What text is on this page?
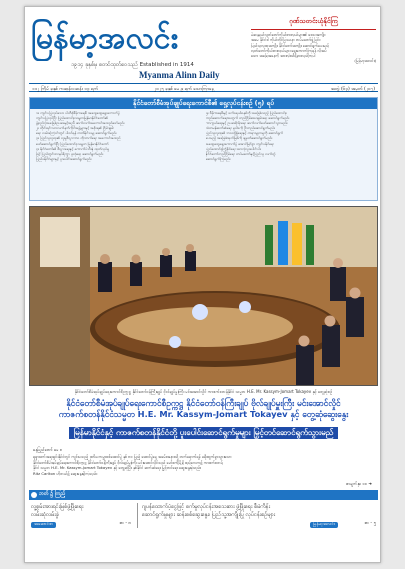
မြန်မာ့အလင်း
၁၉၁၄ ခုနှစ်မှ စတင်ထုတ်ဝေသည် Established in 1914
Myanma Alinn Daily
ဂုဏ်သတင်းယုံနိုင်ကြ
မဲဆန္ဒနယ်လွတ်တော်ကိုယ်စားလှယ်များ၏ ဒေသအကျိုး
အမေ နိုင်ငံဒါ ကိုယ်တိုင်ပြဿနာ တပ်မတော်ဖွဲ့ပြင်း
ပြည်သူလူထုအကျိုး နိုင်ငံတော်အကျိုး ဆောင်ရွက်ပေးမည့်
လွှတ်တော်ကိုယ်စားလှယ်များ ရွေးကောက်ကြရန် လိုအပ်
သော အခြေအနေကို အားလုံးသိရှိနားလည်ကြပါ
(မြန်မာ့အလင်း)
၁၁၂ ကြိမ် ခုနှစ် ကဆုန်လဆန်း ၁၃ ရက်	၂၀၂၅ ခုနှစ် မေ ၉ ရက် သောကြာနေ့	အတွဲ (၆၃) အမှတ် (၂၀၇)
နိုင်ငံတော်စီမံအုပ်ချုပ်ရေးကောင်စီ၏ ရှေ့လုပ်ငန်းစဉ် (၅) ရပ်
၁။ ကျင်းပပြုလုပ်သော ပါတီစုံဒီမိုကရေစီ အထွေထွေရွေးကောက်ပွဲ
ကျင်းပပြုလုပ်ပြီး ပြည်ထောင်စုသမ္မတမြန်မာနိုင်ငံတော်၏
ဖွဲ့စည်းပုံအခြေခံဥပဒေနှင့်အညီ ဆက်လက်အကောင်အထည်ဖော်မည်။
၂။ တိုင်းရင်းသားလက်နက်ကိုင်အဖွဲ့များနှင့် အစိုးရ၏ ငြိမ်းချမ်း
ရေး လမ်းကြောင်းတွင် ပါဝင်ရန် တတ်နိုင်သမျှ ဆောင်ရွက်မည်။
၃။ ပြည်သူလူထု၏ လူမှုစီးပွားဘဝ တိုးတက်ရေး အကောင်အထည်
ဖော်ဆောင်ရွက်ပြီး ပြည်ထောင်စုသမ္မတ မြန်မာနိုင်ငံတော်
၄။ နိုင်ငံတော်၏ စီးပွားရေးနှင့် ကောက်ပဲသီးနှံ ထုတ်လုပ်မှု
ဖြင့် ပြည်တွင်းစားနပ်ရိက္ခာ ဖူလုံရေး ဆောင်ရွက်မည်။
ပြည်ပနိုင်ငံများနှင့် ပူးပေါင်းဆောင်ရွက်မည်။
၅။ ဒီမိုကရေစီနှင့် ဖက်ဒရယ်စနစ်ကို အခြေခံသည့် ပြည်ထောင်စု
တည်ဆောက်ရေးအတွက် တည်ငြိမ်အေးချမ်းရေး ဆောင်ရွက်မည်။
ကာကွယ်ရေးနှင့် ဥပဒေစိုးမိုးရေး ဆက်လက်ဖော်ဆောင်သွားမည်။
သံတမန်ဆက်ဆံရေး မူဝါဒကို ဦးတည်ဆောင်ရွက်မည်။
ပြည်သူလူထု၏ ဘဝလုံခြုံရေးနှင့် တရားမျှတမှုကို ဆောင်ရွက်
ပေးမည့် အခြေခံအုတ်မြစ်ကို ချမှတ်ဆောင်ရွက်မည်။
အထွေထွေရွေးကောက်ပွဲ အောင်မြင်စွာ ကျင်းပနိုင်ရေး
ပြည်ထောင်စုကြံ့ခိုင်ရေး အားလုံးပူးပေါင်းပါ။
နိုင်ငံတော်တည်ငြိမ်ရေး တပ်မတော်နှင့်ပြည်သူ လက်တွဲ
ဆောင်ရွက်ကြမည်။
နိုင်ငံတော်စီမံအုပ်ချုပ်ရေးကောင်စီဥက္ကဋ္ဌ နိုင်ငံတော်ဝန်ကြီးချုပ် ဗိုလ်ချုပ်မှူးကြီး မင်းအောင်လှိုင် ကာဇက်စတန်နိုင်ငံ သမ္မတ H.E. Mr. Kassym-Jomart Tokayev နှင့် တွေ့ဆုံစဉ်
နိုင်ငံတော်စီမံအုပ်ချုပ်ရေးကောင်စီဥက္ကဋ္ဌ နိုင်ငံတော်ဝန်ကြီးချုပ် ဗိုလ်ချုပ်မှူးကြီး မင်းအောင်လှိုင်
ကာဇက်စတန်နိုင်ငံသမ္မတ H.E. Mr. Kassym-Jomart Tokayev နှင့် တွေ့ဆုံဆွေးနွေး
မြန်မာနိုင်ငံနှင့် ကာဇက်စတန်နိုင်ငံတို့ ပူးပေါင်းဆောင်ရွက်မှုများ မြှင့်တင်ဆောင်ရွက်သွားမည်
နေပြည်တော် မေ ၈
ရုရှားဖက်ဒရေးရှင်းနိုင်ငံတွင် ကျင်းပသည့် ဒုတိယကမ္ဘာစစ်အောင်ပွဲ နှစ် ၈၀ ပြည့် အောင်ပွဲနေ့ အခမ်းအနားသို့ တက်ရောက်ရန် ခရီးထွက်ခွာသွားသော
နိုင်ငံတော်စီမံအုပ်ချုပ်ရေးကောင်စီဥက္ကဋ္ဌ နိုင်ငံတော်ဝန်ကြီးချုပ် ဗိုလ်ချုပ်မှူးကြီး မင်းအောင်လှိုင်သည် မော်စကိုမြို့ရှိ ဧည့်ဂေဟာ၌ ကာဇက်စတန်
နိုင်ငံ သမ္မတ H.E. Mr. Kassym-Jomart Tokayev နှင့် တွေ့ဆုံပြီး နှစ်နိုင်ငံ ဆက်ဆံရေး မြှင့်တင်ရေး ဆွေးနွေးခဲ့သည်။
Ritz Carlton ဟိုတယ်၌ ဆွေးနွေးခဲ့ကြသည်။
စာမျက်နှာ ၁၀ ➜
ဘတ် ၌ ကြည့်
လူ့စွမ်းအားရင်းမြစ်ဖွံ့ဖြိုးရေး
လမ်းဆုံလမ်းခွဲ
အဆောင်း၈	စာ - ၈
ဂျပန်ထောက်ပံ့ငွေဖြင့် စက်မှုလုပ်ငန်းအသေးစား ဖွံ့ဖြိုးရေး စီမံကိန်း
ဆောင်ရွက်မှုများ ဆန်းစစ်ဆွေးနွေး၊ ပြည်သူ့အကျိုးပြု လုပ်ငန်းစဉ်များ
မြန်မာ့အလင်း	စာ - ၅
